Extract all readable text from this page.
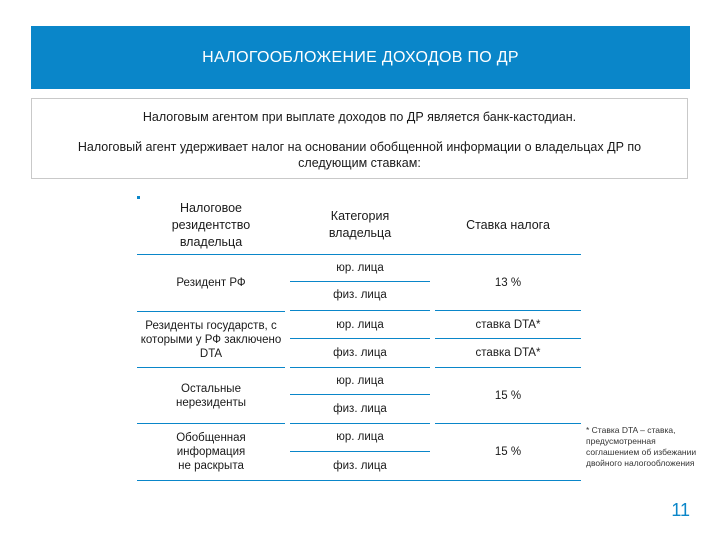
НАЛОГООБЛОЖЕНИЕ ДОХОДОВ ПО ДР
Налоговым агентом при выплате доходов по ДР является банк-кастодиан.
Налоговый агент удерживает налог на основании обобщенной информации о владельцах ДР по следующим ставкам:
Налоговое резидентство владельца
Категория владельца
Ставка налога
Резидент РФ
юр. лица
физ. лица
13 %
Резиденты государств, с которыми у РФ заключено DTA
юр. лица
физ. лица
ставка DTA*
ставка DTA*
Остальные нерезиденты
юр. лица
физ. лица
15 %
Обобщенная информация не раскрыта
юр. лица
физ. лица
15 %
* Ставка DTA – ставка, предусмотренная соглашением об избежании двойного налогообложения
11
